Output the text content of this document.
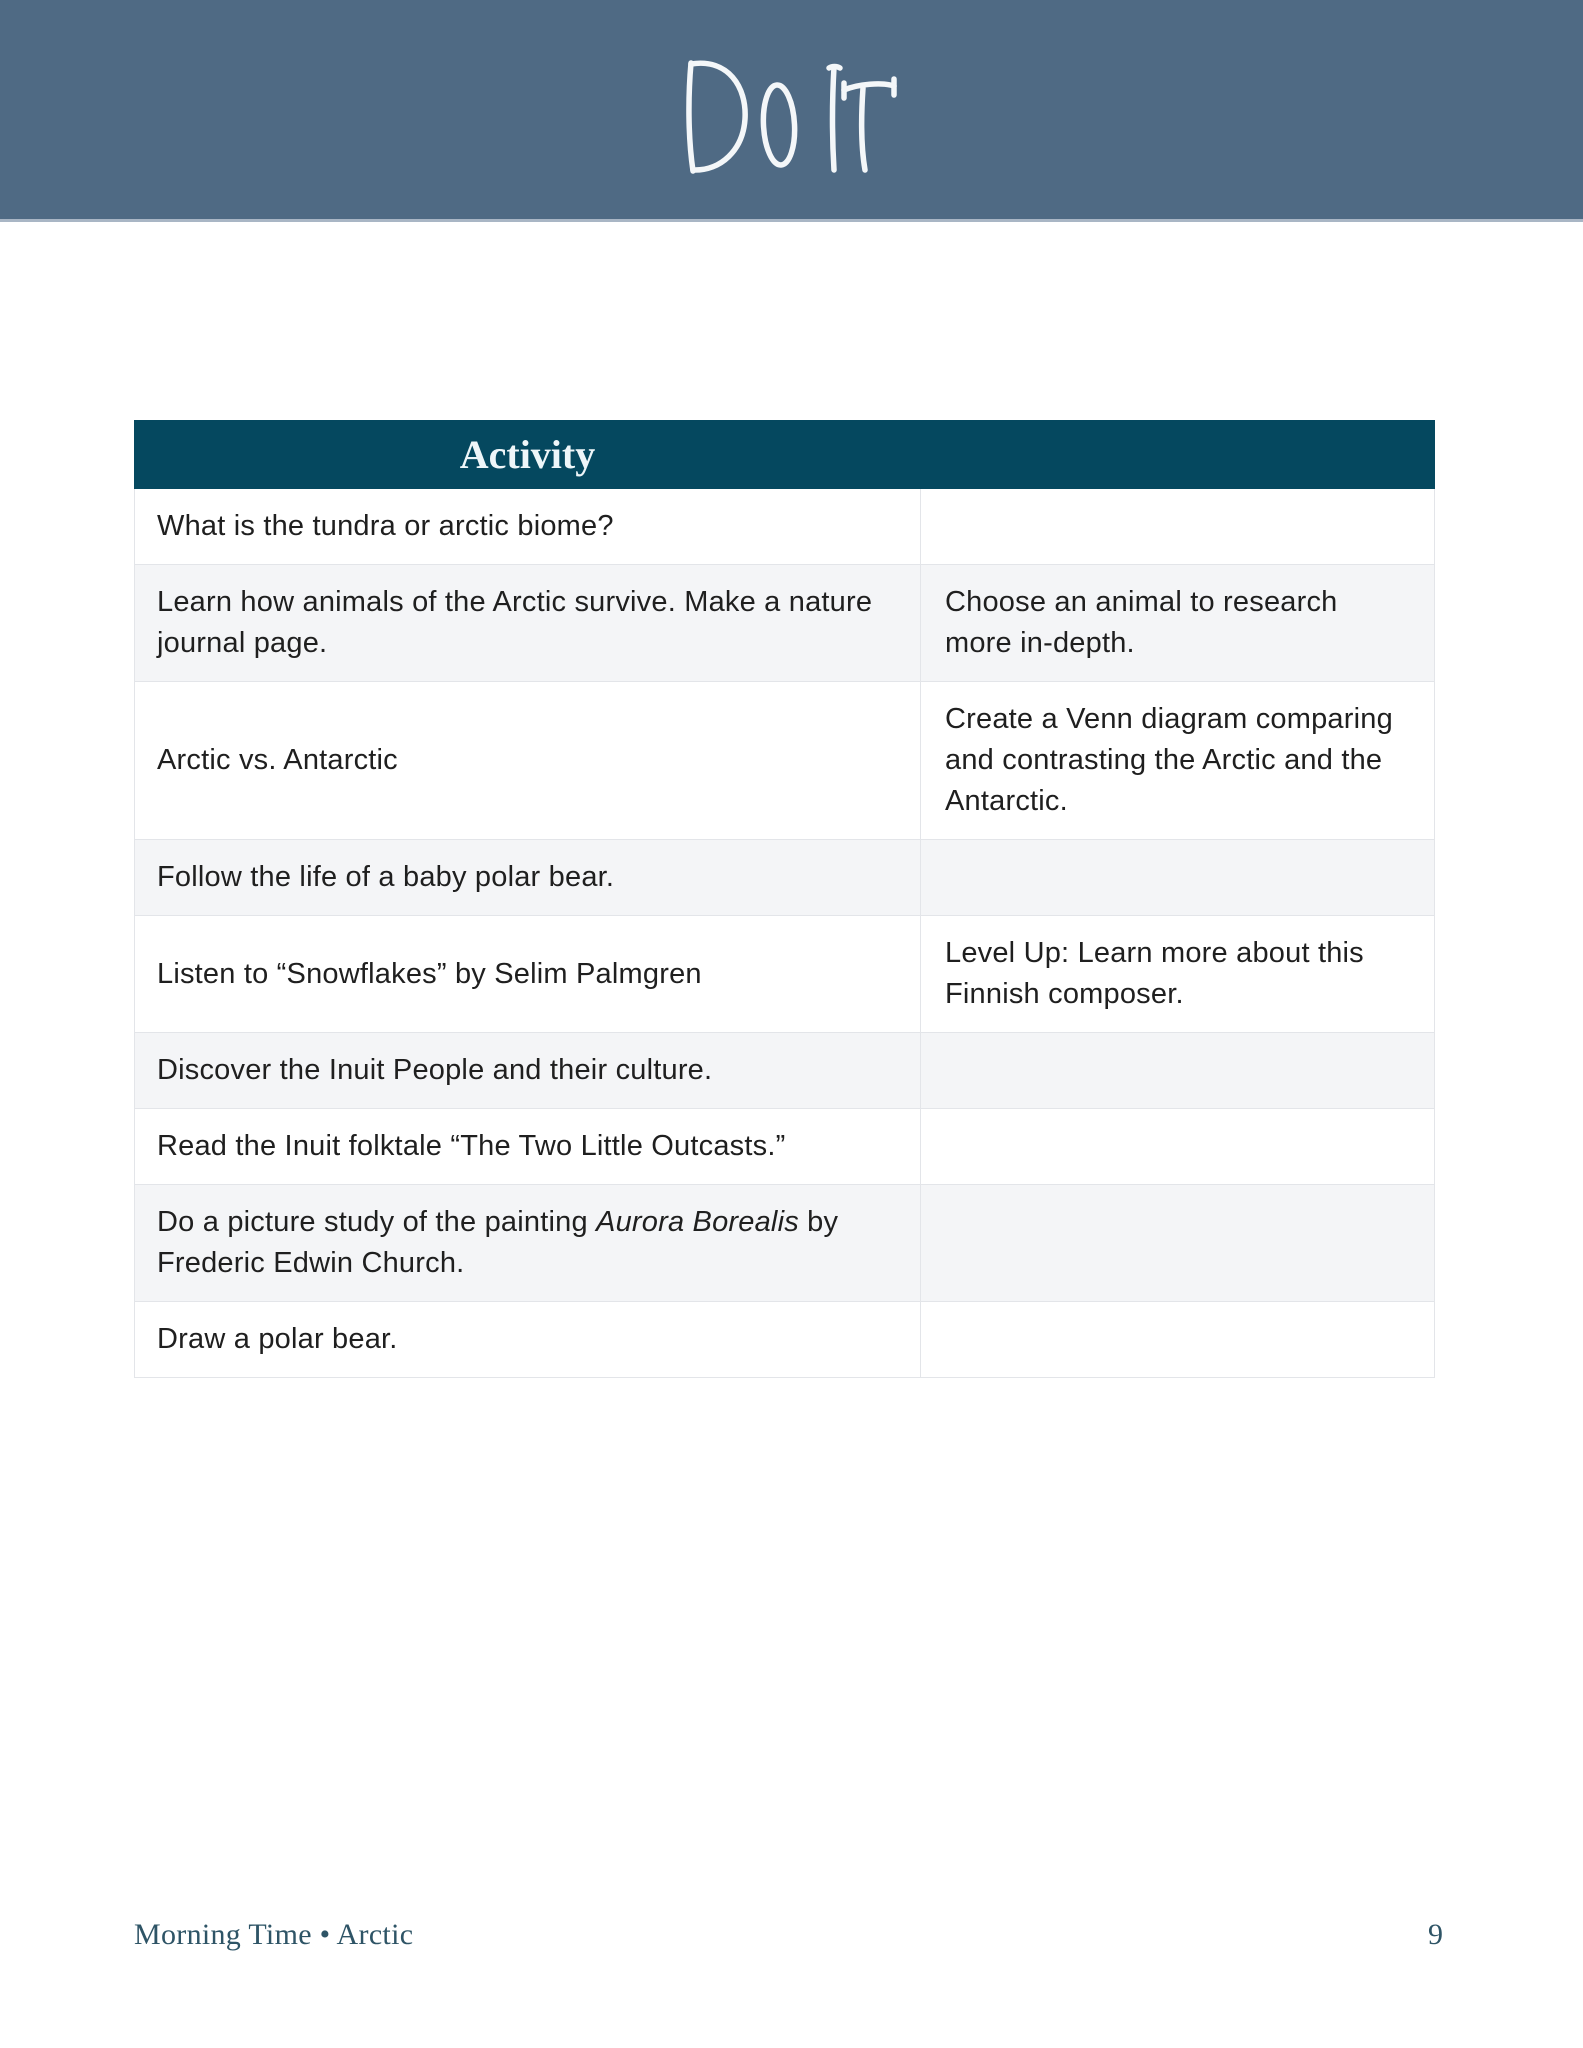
Activity	
What is the tundra or arctic biome?	
Learn how animals of the Arctic survive. Make a nature journal page.	Choose an animal to research more in-depth.
Arctic vs. Antarctic	Create a Venn diagram comparing and contrasting the Arctic and the Antarctic.
Follow the life of a baby polar bear.	
Listen to “Snowflakes” by Selim Palmgren	Level Up: Learn more about this Finnish composer.
Discover the Inuit People and their culture.	
Read the Inuit folktale “The Two Little Outcasts.”	
Do a picture study of the painting Aurora Borealis by Frederic Edwin Church.	
Draw a polar bear.	
Morning Time • Arctic	9
